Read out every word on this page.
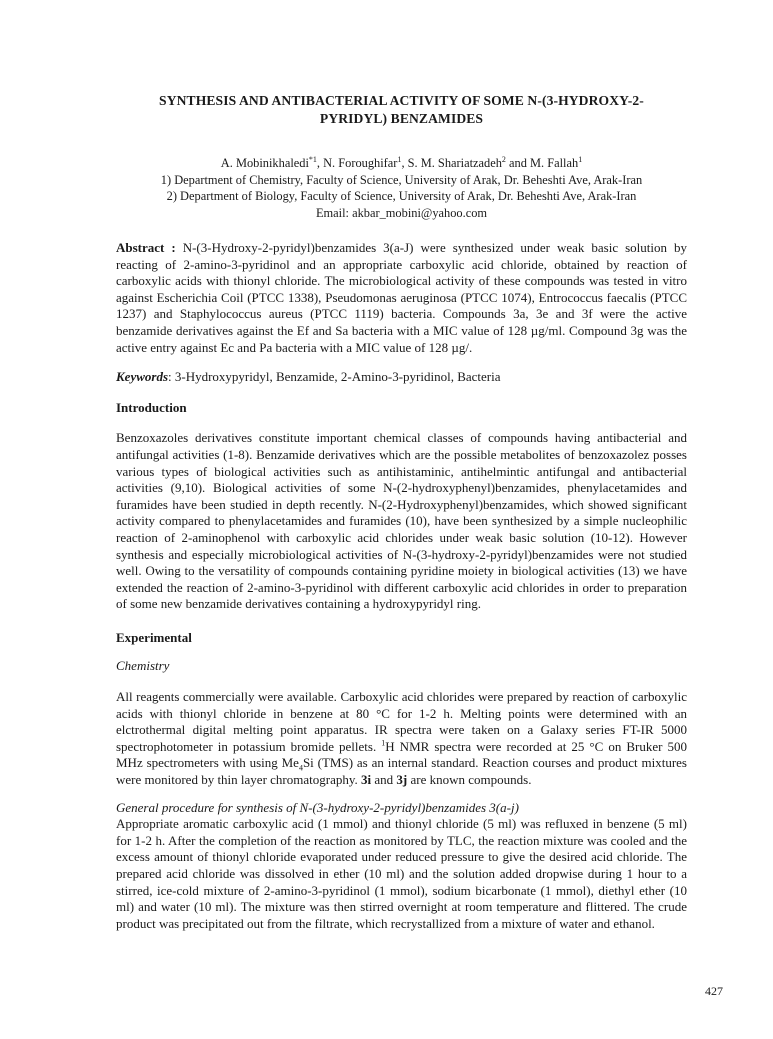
SYNTHESIS AND ANTIBACTERIAL ACTIVITY OF SOME N-(3-HYDROXY-2-
PYRIDYL) BENZAMIDES
A. Mobinikhaledi$^{*1}$, N. Foroughifar$^1$, S. M. Shariatzadeh$^2$ and M. Fallah$^1$
1) Department of Chemistry, Faculty of Science, University of Arak, Dr. Beheshti Ave, Arak-Iran
2) Department of Biology, Faculty of Science, University of Arak, Dr. Beheshti Ave, Arak-Iran
Email: akbar_mobini@yahoo.com
Abstract : N-(3-Hydroxy-2-pyridyl)benzamides 3(a-J) were synthesized under weak basic solution by reacting of 2-amino-3-pyridinol and an appropriate carboxylic acid chloride, obtained by reaction of carboxylic acids with thionyl chloride. The microbiological activity of these compounds was tested in vitro against Escherichia Coil (PTCC 1338), Pseudomonas aeruginosa (PTCC 1074), Entrococcus faecalis (PTCC 1237) and Staphylococcus aureus (PTCC 1119) bacteria. Compounds 3a, 3e and 3f were the active benzamide derivatives against the Ef and Sa bacteria with a MIC value of 128 µg/ml. Compound 3g was the active entry against Ec and Pa bacteria with a MIC value of 128 µg/.
Keywords: 3-Hydroxypyridyl, Benzamide, 2-Amino-3-pyridinol, Bacteria
Introduction
Benzoxazoles derivatives constitute important chemical classes of compounds having antibacterial and antifungal activities (1-8). Benzamide derivatives which are the possible metabolites of benzoxazolez posses various types of biological activities such as antihistaminic, antihelmintic antifungal and antibacterial activities (9,10). Biological activities of some N-(2-hydroxyphenyl)benzamides, phenylacetamides and furamides have been studied in depth recently. N-(2-Hydroxyphenyl)benzamides, which showed significant activity compared to phenylacetamides and furamides (10), have been synthesized by a simple nucleophilic reaction of 2-aminophenol with carboxylic acid chlorides under weak basic solution (10-12). However synthesis and especially microbiological activities of N-(3-hydroxy-2-pyridyl)benzamides were not studied well. Owing to the versatility of compounds containing pyridine moiety in biological activities (13) we have extended the reaction of 2-amino-3-pyridinol with different carboxylic acid chlorides in order to preparation of some new benzamide derivatives containing a hydroxypyridyl ring.
Experimental
Chemistry
All reagents commercially were available. Carboxylic acid chlorides were prepared by reaction of carboxylic acids with thionyl chloride in benzene at 80 °C for 1-2 h. Melting points were determined with an elctrothermal digital melting point apparatus. IR spectra were taken on a Galaxy series FT-IR 5000 spectrophotometer in potassium bromide pellets. $^1$H NMR spectra were recorded at 25 °C on Bruker 500 MHz spectrometers with using $Me_4Si$ (TMS) as an internal standard. Reaction courses and product mixtures were monitored by thin layer chromatography. 3i and 3j are known compounds.
General procedure for synthesis of N-(3-hydroxy-2-pyridyl)benzamides 3(a-j)
Appropriate aromatic carboxylic acid (1 mmol) and thionyl chloride (5 ml) was refluxed in benzene (5 ml) for 1-2 h. After the completion of the reaction as monitored by TLC, the reaction mixture was cooled and the excess amount of thionyl chloride evaporated under reduced pressure to give the desired acid chloride. The prepared acid chloride was dissolved in ether (10 ml) and the solution added dropwise during 1 hour to a stirred, ice-cold mixture of 2-amino-3-pyridinol (1 mmol), sodium bicarbonate (1 mmol), diethyl ether (10 ml) and water (10 ml). The mixture was then stirred overnight at room temperature and flittered. The crude product was precipitated out from the filtrate, which recrystallized from a mixture of water and ethanol.
427
